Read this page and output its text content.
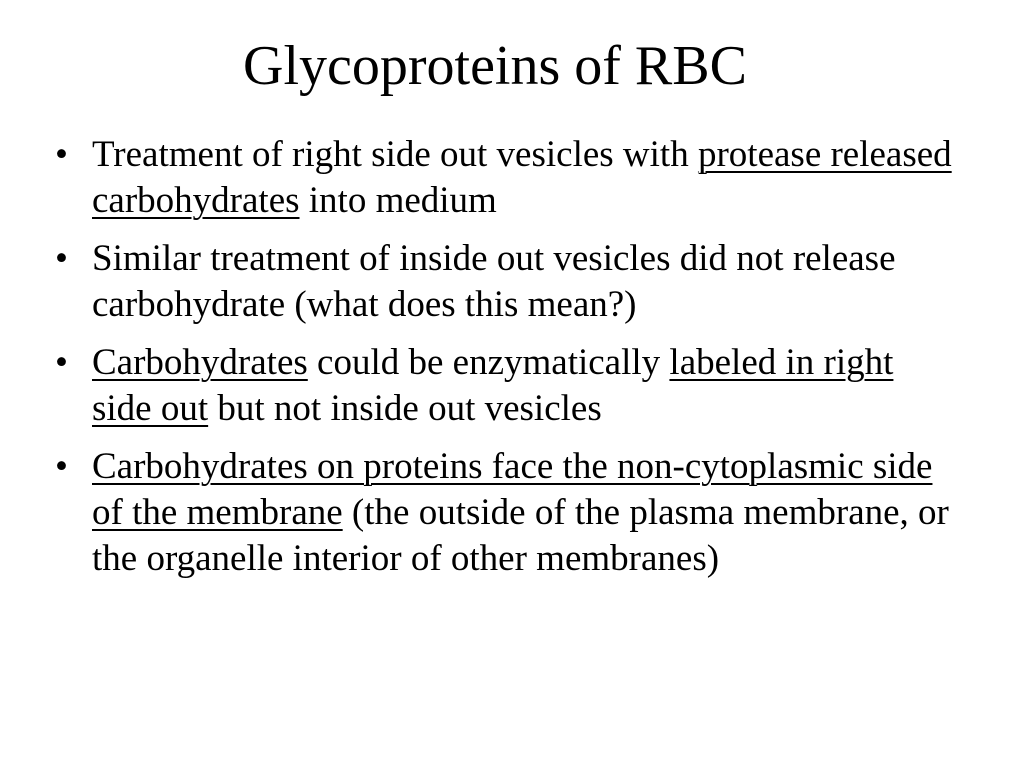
Glycoproteins of RBC
• Treatment of right side out vesicles with protease released carbohydrates into medium
• Similar treatment of inside out vesicles did not release carbohydrate (what does this mean?)
• Carbohydrates could be enzymatically labeled in right side out but not inside out vesicles
• Carbohydrates on proteins face the non-cytoplasmic side of the membrane (the outside of the plasma membrane, or the organelle interior of other membranes)
